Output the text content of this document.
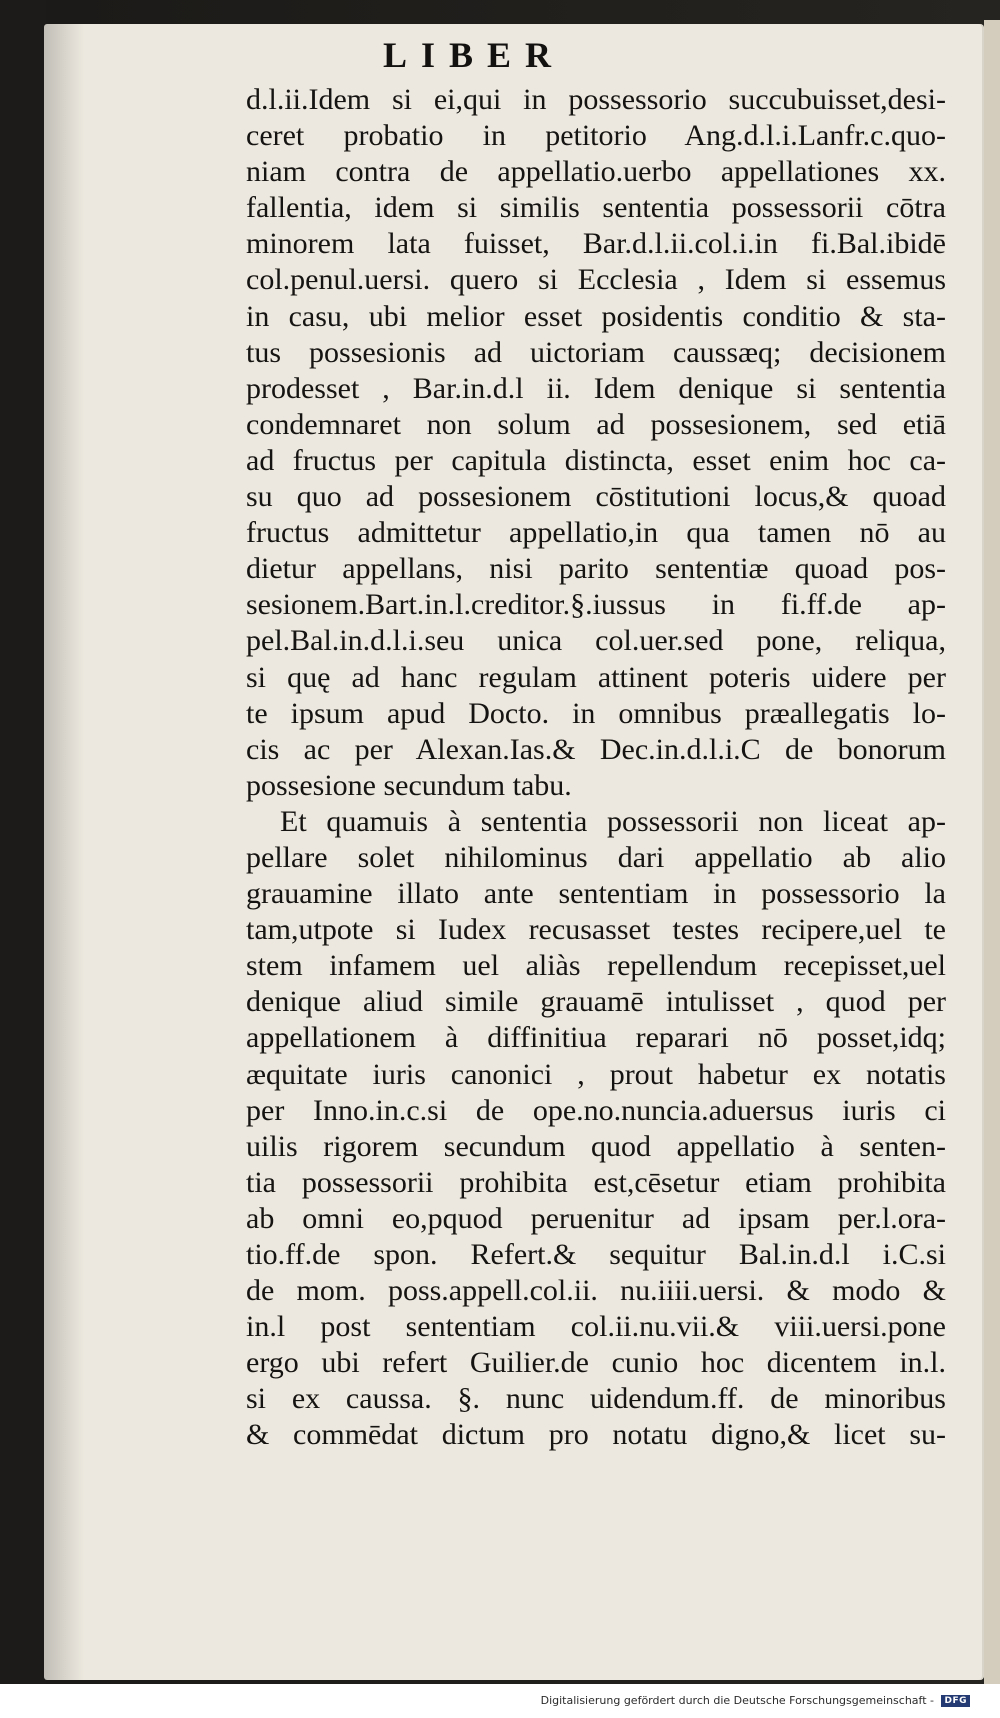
LIBER
d.l.ii.Idem si ei,qui in possessorio succubuisset,desi-
ceret probatio in petitorio Ang.d.l.i.Lanfr.c.quo-
niam contra de appellatio.uerbo appellationes xx.
fallentia, idem si similis sententia possessorii cōtra
minorem lata fuisset, Bar.d.l.ii.col.i.in fi.Bal.ibidē
col.penul.uersi. quero si Ecclesia , Idem si essemus
in casu, ubi melior esset posidentis conditio & sta-
tus possesionis ad uictoriam caussæq; decisionem
prodesset , Bar.in.d.l ii. Idem denique si sententia
condemnaret non solum ad possesionem, sed etiā
ad fructus per capitula distincta, esset enim hoc ca-
su quo ad possesionem cōstitutioni locus,& quoad
fructus admittetur appellatio,in qua tamen nō au
dietur appellans, nisi parito sententiæ quoad pos-
sesionem.Bart.in.l.creditor.§.iussus in fi.ff.de ap-
pel.Bal.in.d.l.i.seu unica col.uer.sed pone, reliqua,
si quę ad hanc regulam attinent poteris uidere per
te ipsum apud Docto. in omnibus præallegatis lo-
cis ac per Alexan.Ias.& Dec.in.d.l.i.C de bonorum
possesione secundum tabu.
Et quamuis à sententia possessorii non liceat ap-
pellare solet nihilominus dari appellatio ab alio
grauamine illato ante sententiam in possessorio la
tam,utpote si Iudex recusasset testes recipere,uel te
stem infamem uel aliàs repellendum recepisset,uel
denique aliud simile grauamē intulisset , quod per
appellationem à diffinitiua reparari nō posset,idq;
æquitate iuris canonici , prout habetur ex notatis
per Inno.in.c.si de ope.no.nuncia.aduersus iuris ci
uilis rigorem secundum quod appellatio à senten-
tia possessorii prohibita est,cēsetur etiam prohibita
ab omni eo,pquod peruenitur ad ipsam per.l.ora-
tio.ff.de spon. Refert.& sequitur Bal.in.d.l i.C.si
de mom. poss.appell.col.ii. nu.iiii.uersi. & modo &
in.l post sententiam col.ii.nu.vii.& viii.uersi.pone
ergo ubi refert Guilier.de cunio hoc dicentem in.l.
si ex caussa. §. nunc uidendum.ff. de minoribus
& commēdat dictum pro notatu digno,& licet su-
Digitalisierung gefördert durch die Deutsche Forschungsgemeinschaft - DFG
